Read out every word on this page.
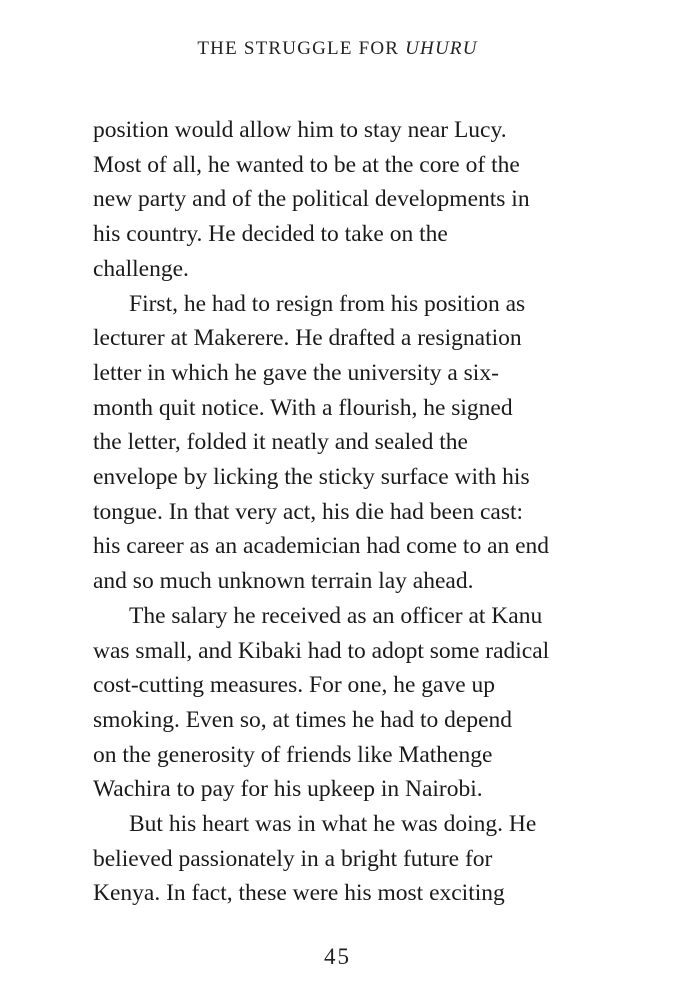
THE STRUGGLE FOR UHURU
position would allow him to stay near Lucy.
Most of all, he wanted to be at the core of the
new party and of the political developments in
his country. He decided to take on the
challenge.
First, he had to resign from his position as
lecturer at Makerere. He drafted a resignation
letter in which he gave the university a six-
month quit notice. With a flourish, he signed
the letter, folded it neatly and sealed the
envelope by licking the sticky surface with his
tongue. In that very act, his die had been cast:
his career as an academician had come to an end
and so much unknown terrain lay ahead.
The salary he received as an officer at Kanu
was small, and Kibaki had to adopt some radical
cost-cutting measures. For one, he gave up
smoking. Even so, at times he had to depend
on the generosity of friends like Mathenge
Wachira to pay for his upkeep in Nairobi.
But his heart was in what he was doing. He
believed passionately in a bright future for
Kenya. In fact, these were his most exciting
45
